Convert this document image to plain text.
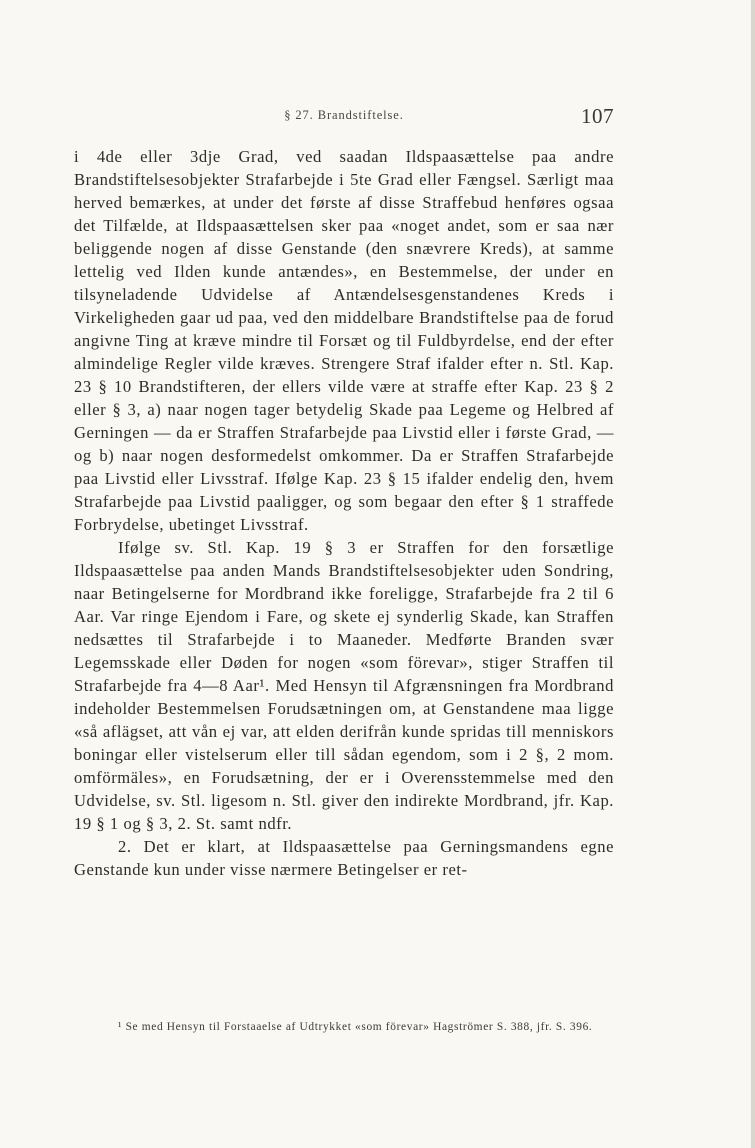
§ 27. Brandstiftelse.	107

i 4de eller 3dje Grad, ved saadan Ildspaasættelse paa andre Brandstiftelsesobjekter Strafarbejde i 5te Grad eller Fængsel. Særligt maa herved bemærkes, at under det første af disse Straffebud henføres ogsaa det Tilfælde, at Ildspaasættelsen sker paa «noget andet, som er saa nær beliggende nogen af disse Genstande (den snævrere Kreds), at samme lettelig ved Ilden kunde antændes», en Bestemmelse, der under en tilsyneladende Udvidelse af Antændelsesgenstandenes Kreds i Virkeligheden gaar ud paa, ved den middelbare Brandstiftelse paa de forud angivne Ting at kræve mindre til Forsæt og til Fuldbyrdelse, end der efter almindelige Regler vilde kræves. Strengere Straf ifalder efter n. Stl. Kap. 23 § 10 Brandstifteren, der ellers vilde være at straffe efter Kap. 23 § 2 eller § 3, a) naar nogen tager betydelig Skade paa Legeme og Helbred af Gerningen — da er Straffen Strafarbejde paa Livstid eller i første Grad, — og b) naar nogen desformedelst omkommer. Da er Straffen Strafarbejde paa Livstid eller Livsstraf. Ifølge Kap. 23 § 15 ifalder endelig den, hvem Strafarbejde paa Livstid paaligger, og som begaar den efter § 1 straffede Forbrydelse, ubetinget Livsstraf.

Ifølge sv. Stl. Kap. 19 § 3 er Straffen for den forsætlige Ildspaasættelse paa anden Mands Brandstiftelsesobjekter uden Sondring, naar Betingelserne for Mordbrand ikke foreligge, Strafarbejde fra 2 til 6 Aar. Var ringe Ejendom i Fare, og skete ej synderlig Skade, kan Straffen nedsættes til Strafarbejde i to Maaneder. Medførte Branden svær Legemsskade eller Døden for nogen «som förevar», stiger Straffen til Strafarbejde fra 4—8 Aar¹. Med Hensyn til Afgrænsningen fra Mordbrand indeholder Bestemmelsen Forudsætningen om, at Genstandene maa ligge «så aflägset, att vån ej var, att elden derifrån kunde spridas till menniskors boningar eller vistelserum eller till sådan egendom, som i 2 §, 2 mom. omförmäles», en Forudsætning, der er i Overensstemmelse med den Udvidelse, sv. Stl. ligesom n. Stl. giver den indirekte Mordbrand, jfr. Kap. 19 § 1 og § 3, 2. St. samt ndfr.

2. Det er klart, at Ildspaasættelse paa Gerningsmandens egne Genstande kun under visse nærmere Betingelser er ret-

¹ Se med Hensyn til Forstaaelse af Udtrykket «som förevar» Hagströmer S. 388, jfr. S. 396.
